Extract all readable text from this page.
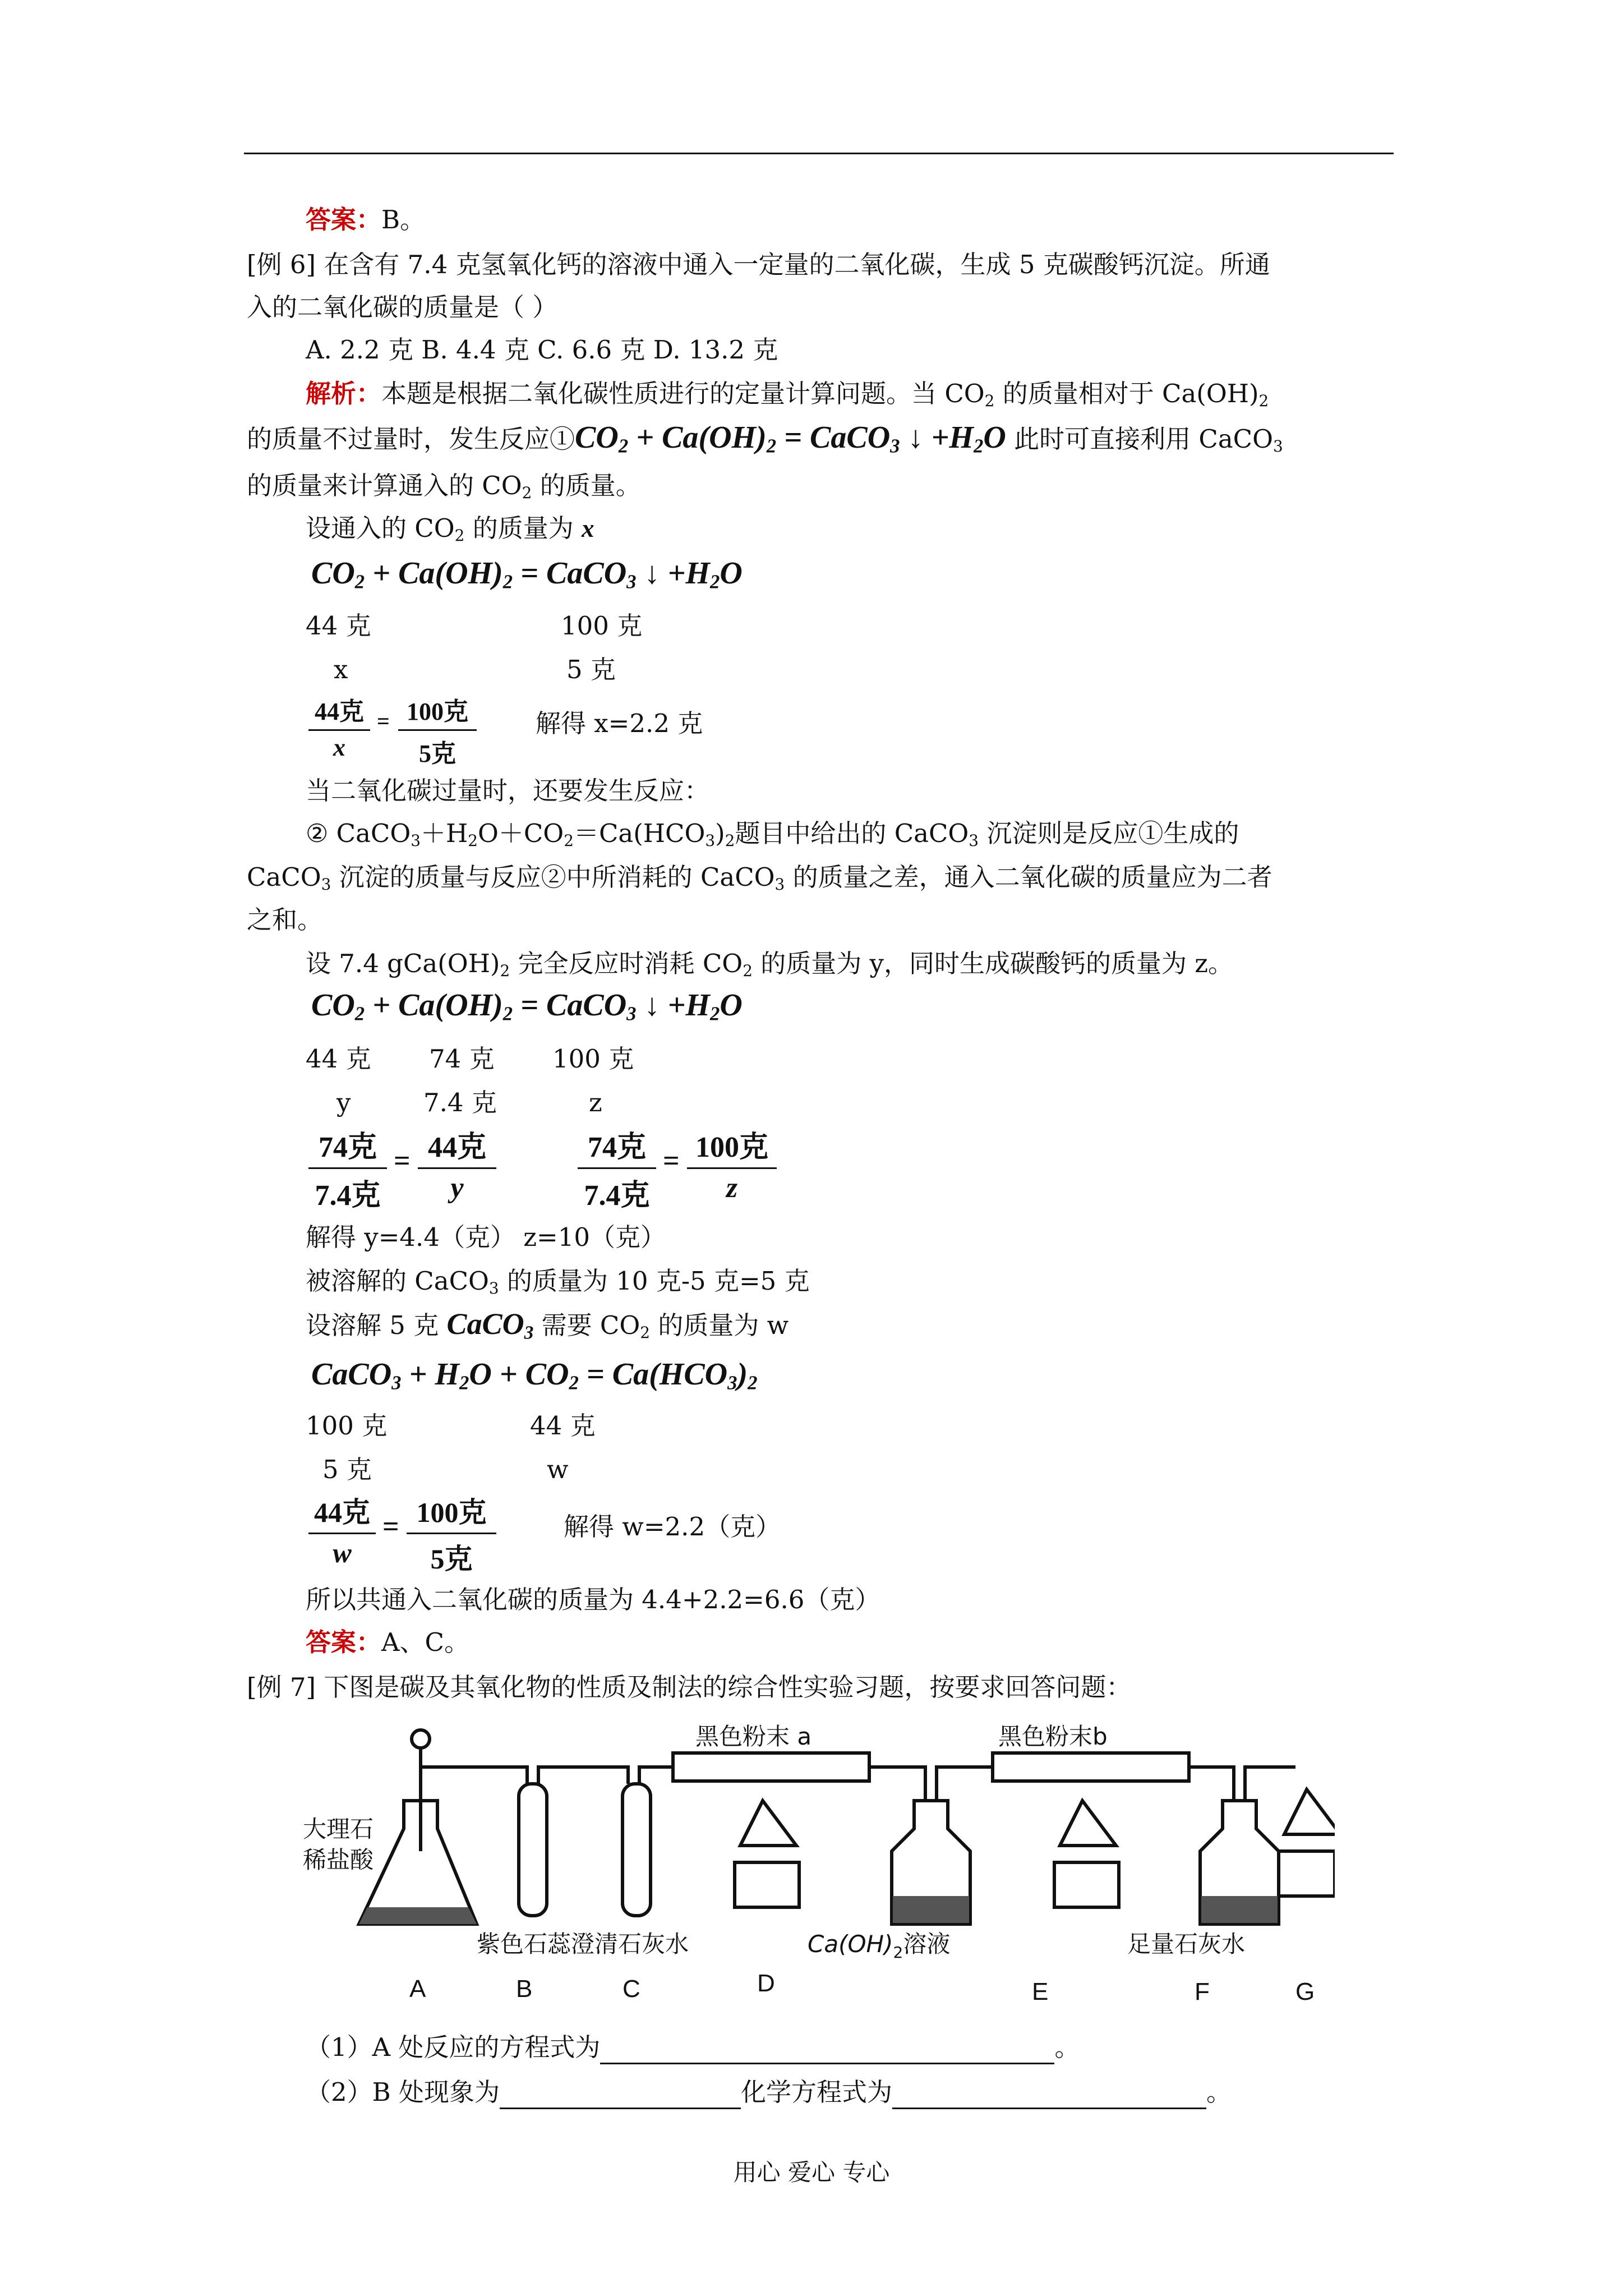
答案：B。
[例 6] 在含有 7.4 克氢氧化钙的溶液中通入一定量的二氧化碳，生成 5 克碳酸钙沉淀。所通
入的二氧化碳的质量是（ ）
A. 2.2 克 B. 4.4 克 C. 6.6 克 D. 13.2 克
解析：本题是根据二氧化碳性质进行的定量计算问题。当 $CO_2$ 的质量相对于 $Ca(OH)_2$
的质量不过量时，发生反应$①CO_2 + Ca(OH)_2$ = CaCO$_3$ ↓ $+H_2O$ 此时可直接利用 CaCO$_3$
的质量来计算通入的 $CO_2$ 的质量。
设通入的 $CO_2$ 的质量为 x
$CO_2 + Ca(OH)_2$ = CaCO$_3$ ↓ $+H_2O$
44 克	100 克
x	5 克
44克
x
= 100克
5克
解得 x=2.2 克
当二氧化碳过量时，还要发生反应：
② $CaCO_3+H_2O+CO_2=Ca(HCO_3)_2$题目中给出的 CaCO$_3$ 沉淀则是反应①生成的
CaCO$_3$ 沉淀的质量与反应②中所消耗的 CaCO$_3$ 的质量之差，通入二氧化碳的质量应为二者
之和。
设 7.4 $gCa(OH)_2$ 完全反应时消耗 $CO_2$ 的质量为 y，同时生成碳酸钙的质量为 z。
$CO_2 + Ca(OH)_2$ = CaCO$_3$ ↓ $+H_2O$
44 克 74 克 100 克
y	7.4 克	z
74克
7.4克
= 44克
y
74克
7.4克
= 100克
z
解得 y=4.4（克） z=10（克）
被溶解的 CaCO$_3$ 的质量为 10 克-5 克=5 克
设溶解 5 克 CaCO$_3$ 需要 $CO_2$ 的质量为 w
CaCO$_3$ + $H_2O + CO_2 = Ca(HCO_3)_2$
100 克	44 克
5 克	w
44克
w
= 100克
5克
解得 w=2.2（克）
所以共通入二氧化碳的质量为 4.4+2.2=6.6（克）
答案：A、C。
[例 7] 下图是碳及其氧化物的性质及制法的综合性实验习题，按要求回答问题：
黑色粉末 a	黑色粉末b
大理石
稀盐酸
紫色石蕊澄清石灰水	$Ca(OH)_2$溶液	足量石灰水
A	B	C	D	E	F	G
（1）A 处反应的方程式为	。
（2）B 处现象为	化学方程式为	。
用心 爱心 专心
